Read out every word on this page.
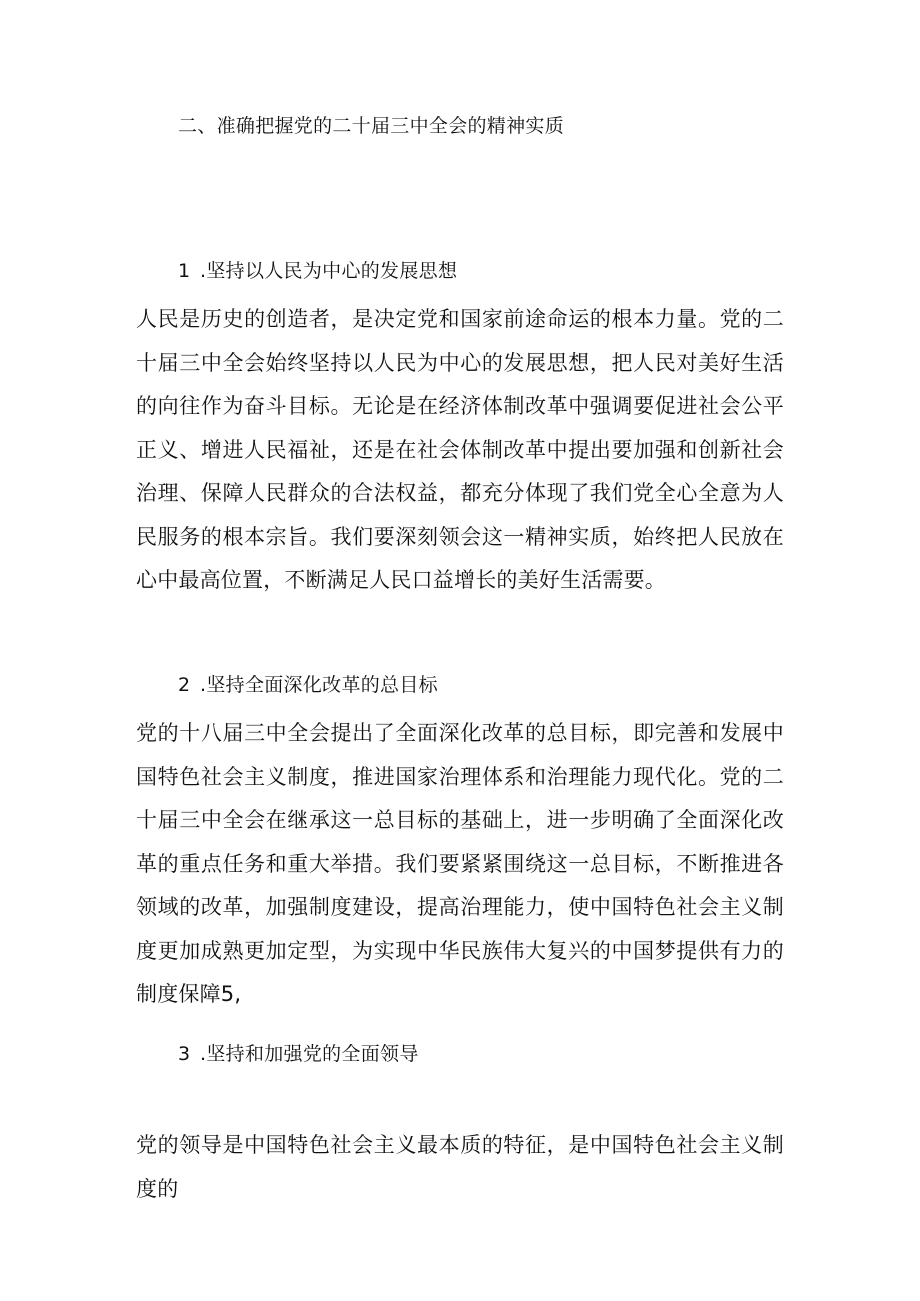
二、准确把握党的二十届三中全会的精神实质
1 .坚持以人民为中心的发展思想
人民是历史的创造者，是决定党和国家前途命运的根本力量。党的二十届三中全会始终坚持以人民为中心的发展思想，把人民对美好生活的向往作为奋斗目标。无论是在经济体制改革中强调要促进社会公平正义、增进人民福祉，还是在社会体制改革中提出要加强和创新社会治理、保障人民群众的合法权益，都充分体现了我们党全心全意为人民服务的根本宗旨。我们要深刻领会这一精神实质，始终把人民放在心中最高位置，不断满足人民口益增长的美好生活需要。
2 .坚持全面深化改革的总目标
党的十八届三中全会提出了全面深化改革的总目标，即完善和发展中国特色社会主义制度，推进国家治理体系和治理能力现代化。党的二十届三中全会在继承这一总目标的基础上，进一步明确了全面深化改革的重点任务和重大举措。我们要紧紧围绕这一总目标，不断推进各领域的改革，加强制度建设，提高治理能力，使中国特色社会主义制度更加成熟更加定型，为实现中华民族伟大复兴的中国梦提供有力的制度保障5,
3 .坚持和加强党的全面领导
党的领导是中国特色社会主义最本质的特征，是中国特色社会主义制度的
